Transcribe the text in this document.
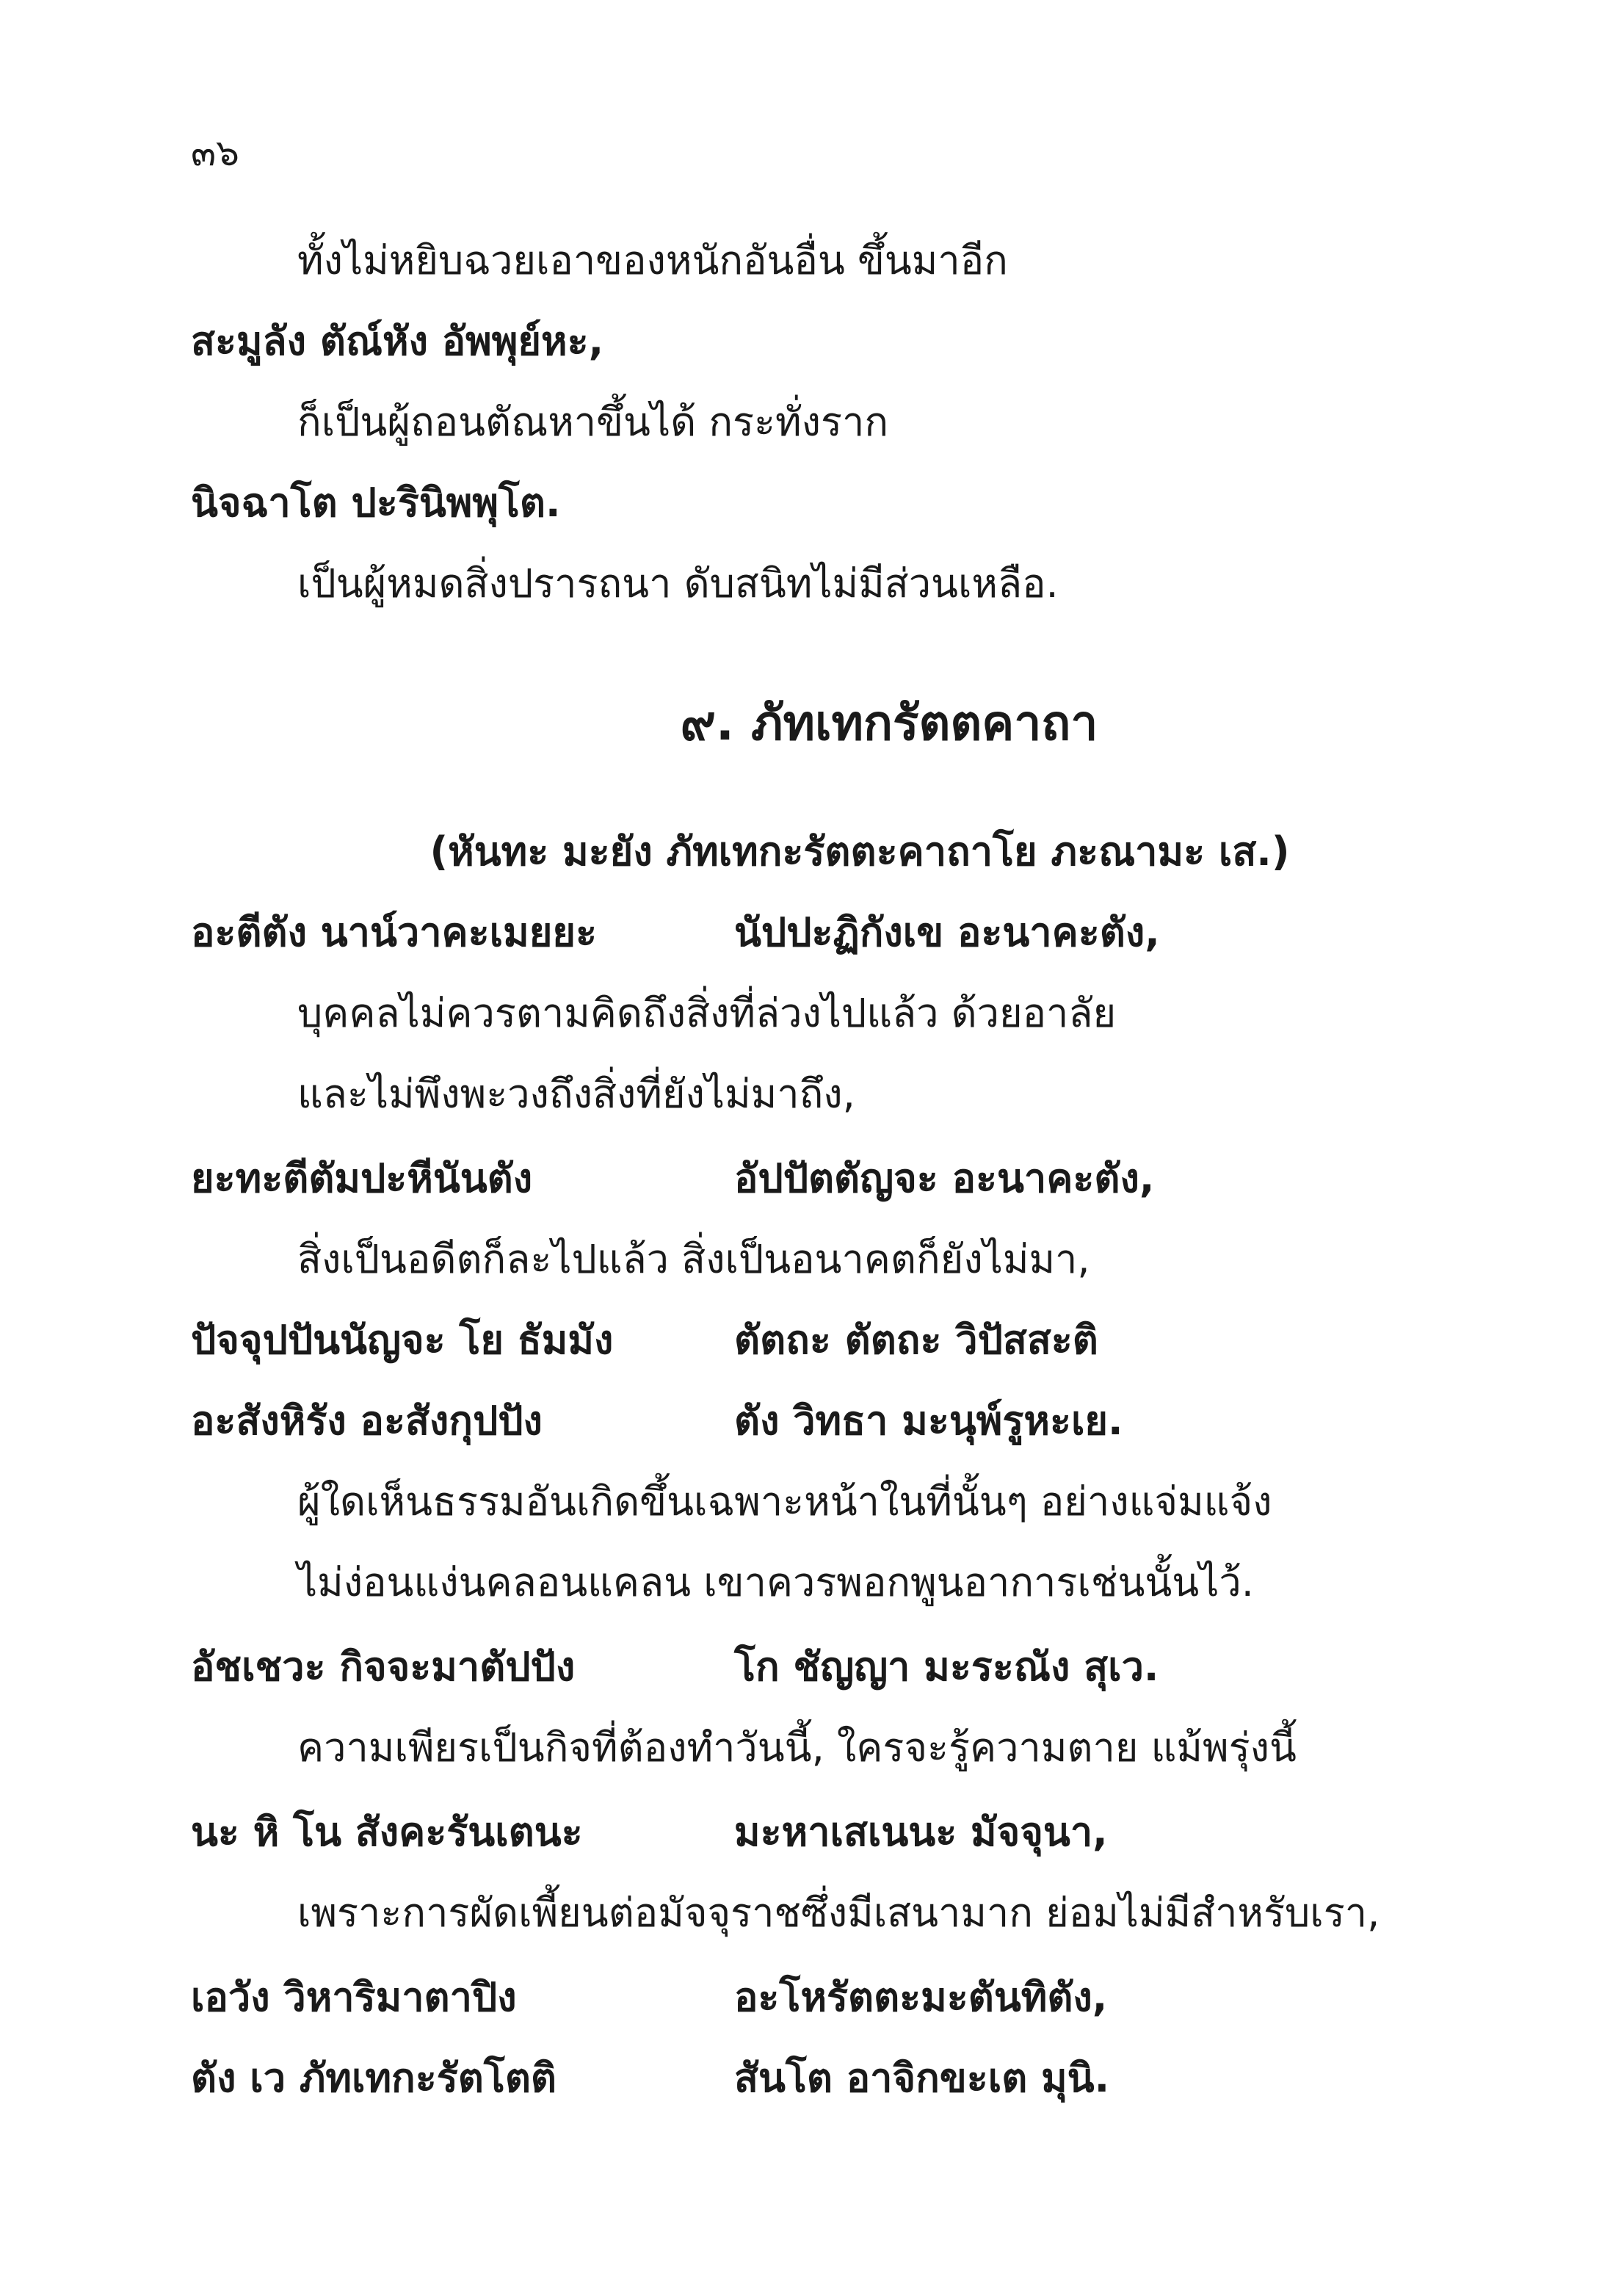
๓๖

ทั้งไม่หยิบฉวยเอาของหนักอันอื่น ขึ้นมาอีก

สะมูลัง ตัณ์หัง อัพพุย์หะ,

ก็เป็นผู้ถอนตัณหาขึ้นได้ กระทั่งราก

นิจฉาโต ปะรินิพพุโต.

เป็นผู้หมดสิ่งปรารถนา ดับสนิทไม่มีส่วนเหลือ.

๙. ภัทเทกรัตตคาถา

(หันทะ มะยัง ภัทเทกะรัตตะคาถาโย ภะณามะ เส.)

อะตีตัง นาน์วาคะเมยยะ	นัปปะฏิกังเข อะนาคะตัง,

บุคคลไม่ควรตามคิดถึงสิ่งที่ล่วงไปแล้ว ด้วยอาลัย

และไม่พึงพะวงถึงสิ่งที่ยังไม่มาถึง,

ยะทะตีตัมปะหีนันตัง	อัปปัตตัญจะ อะนาคะตัง,

สิ่งเป็นอดีตก็ละไปแล้ว สิ่งเป็นอนาคตก็ยังไม่มา,

ปัจจุปปันนัญจะ โย ธัมมัง	ตัตถะ ตัตถะ วิปัสสะติ
อะสังหิรัง อะสังกุปปัง	ตัง วิทธา มะนุพ์รูหะเย.

ผู้ใดเห็นธรรมอันเกิดขึ้นเฉพาะหน้าในที่นั้นๆ อย่างแจ่มแจ้ง

ไม่ง่อนแง่นคลอนแคลน เขาควรพอกพูนอาการเช่นนั้นไว้.

อัชเชวะ กิจจะมาตัปปัง	โก ชัญญา มะระณัง สุเว.

ความเพียรเป็นกิจที่ต้องทำวันนี้, ใครจะรู้ความตาย แม้พรุ่งนี้

นะ หิ โน สังคะรันเตนะ	มะหาเสเนนะ มัจจุนา,

เพราะการผัดเพี้ยนต่อมัจจุราชซึ่งมีเสนามาก ย่อมไม่มีสำหรับเรา,

เอวัง วิหาริมาตาปิง	อะโหรัตตะมะตันทิตัง,
ตัง เว ภัทเทกะรัตโตติ	สันโต อาจิกขะเต มุนิ.
